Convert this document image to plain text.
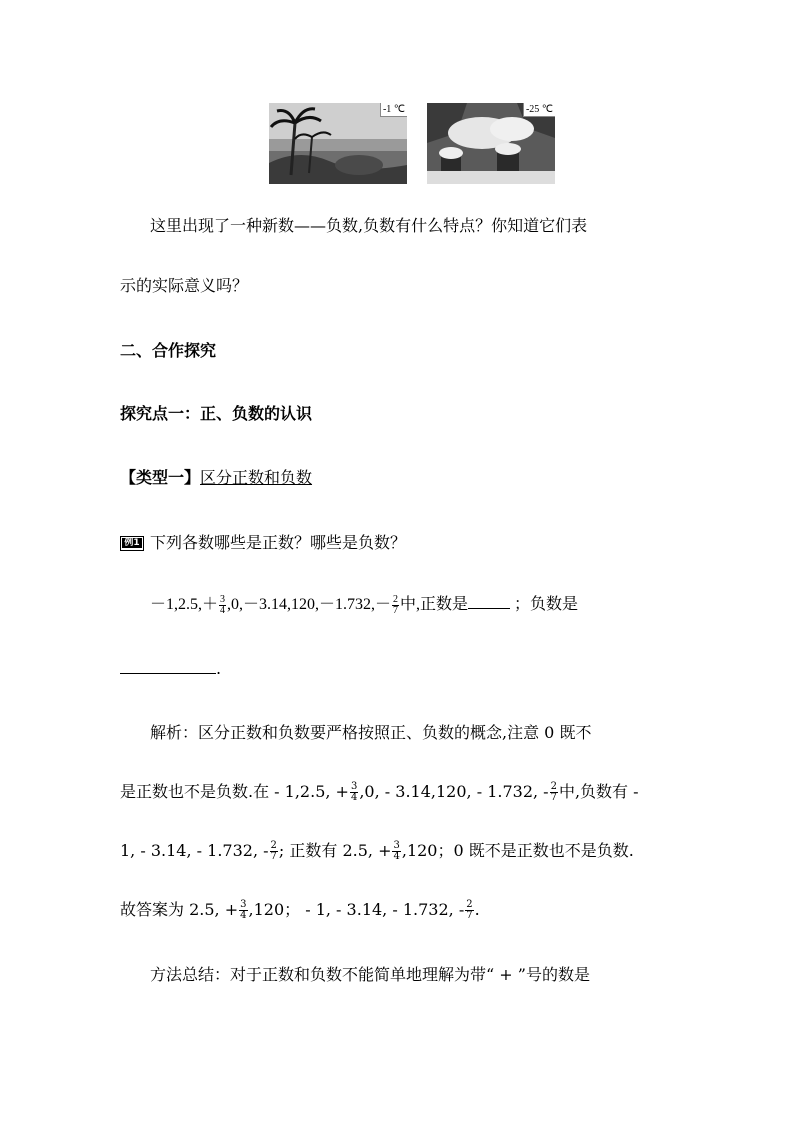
-1 ℃	-25 ℃
这里出现了一种新数——负数,负数有什么特点？你知道它们表
示的实际意义吗？
二、合作探究
探究点一：正、负数的认识
【类型一】区分正数和负数
例1 下列各数哪些是正数？哪些是负数？
$-1,2.5,+ \frac{3}{4} ,0,-3.14,120,-1.732,- \frac{2}{7}$ 中,正数是	；负数是
.
解析：区分正数和负数要严格按照正、负数的概念,注意 0 既不
是正数也不是负数.在 - 1,2.5, + $\frac{3}{4} ,0$, - 3.14,120, - 1.732, - $\frac{2}{7}$ 中,负数有 -
1, - 3.14, - 1.732, - $\frac{2}{7}$ ; 正数有 2.5, + $\frac{3}{4} ,120$；0 既不是正数也不是负数.
故答案为 2.5, + $\frac{3}{4} ,120$； - 1, - 3.14, - 1.732, - $\frac{2}{7}$ .
方法总结：对于正数和负数不能简单地理解为带“ + ”号的数是
